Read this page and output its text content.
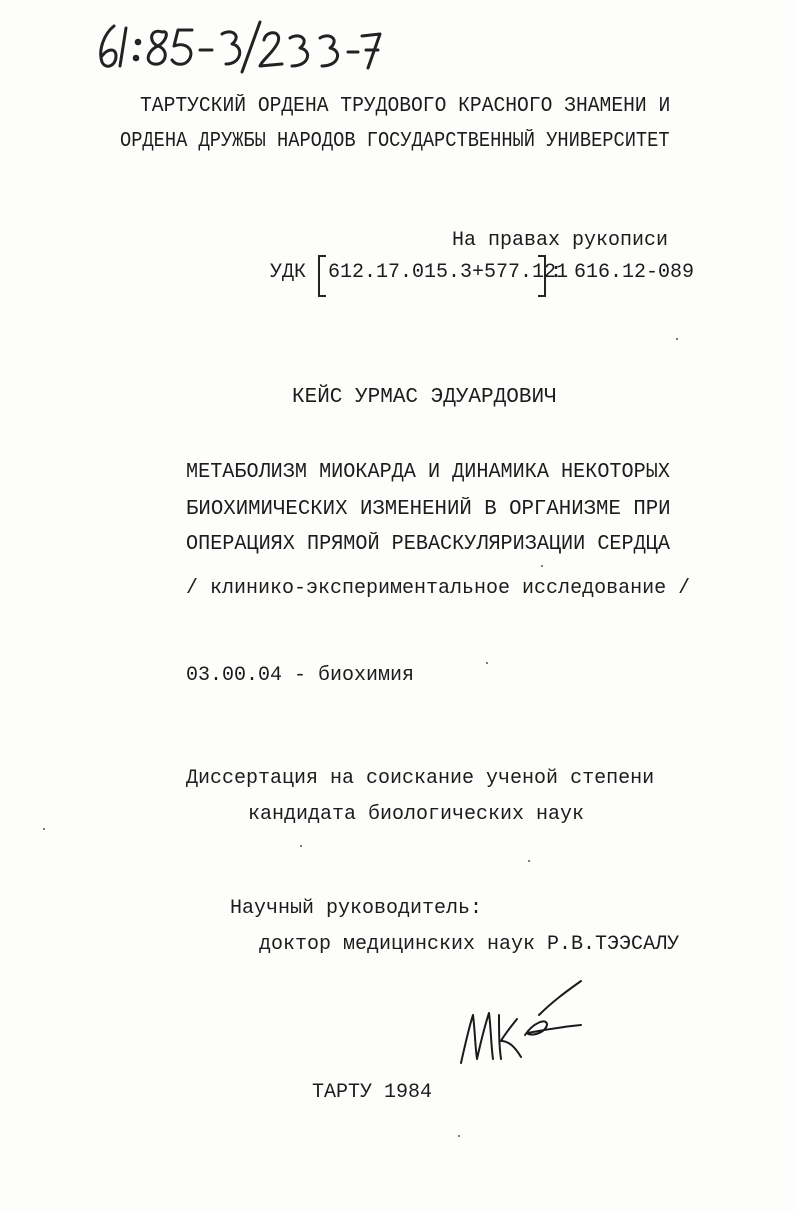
ТАРТУСКИЙ ОРДЕНА ТРУДОВОГО КРАСНОГО ЗНАМЕНИ И

ОРДЕНА ДРУЖБЫ НАРОДОВ ГОСУДАРСТВЕННЫЙ УНИВЕРСИТЕТ

На правах рукописи

УДК 612.17.015.3+577.121
: 616.12-089

КЕЙС УРМАС ЭДУАРДОВИЧ

МЕТАБОЛИЗМ МИОКАРДА И ДИНАМИКА НЕКОТОРЫХ

БИОХИМИЧЕСКИХ ИЗМЕНЕНИЙ В ОРГАНИЗМЕ ПРИ

ОПЕРАЦИЯХ ПРЯМОЙ РЕВАСКУЛЯРИЗАЦИИ СЕРДЦА

/ клинико-экспериментальное исследование /

03.00.04 - биохимия

Диссертация на соискание ученой степени

кандидата биологических наук

Научный руководитель:

доктор медицинских наук Р.В.ТЭЭСАЛУ

ТАРТУ 1984
